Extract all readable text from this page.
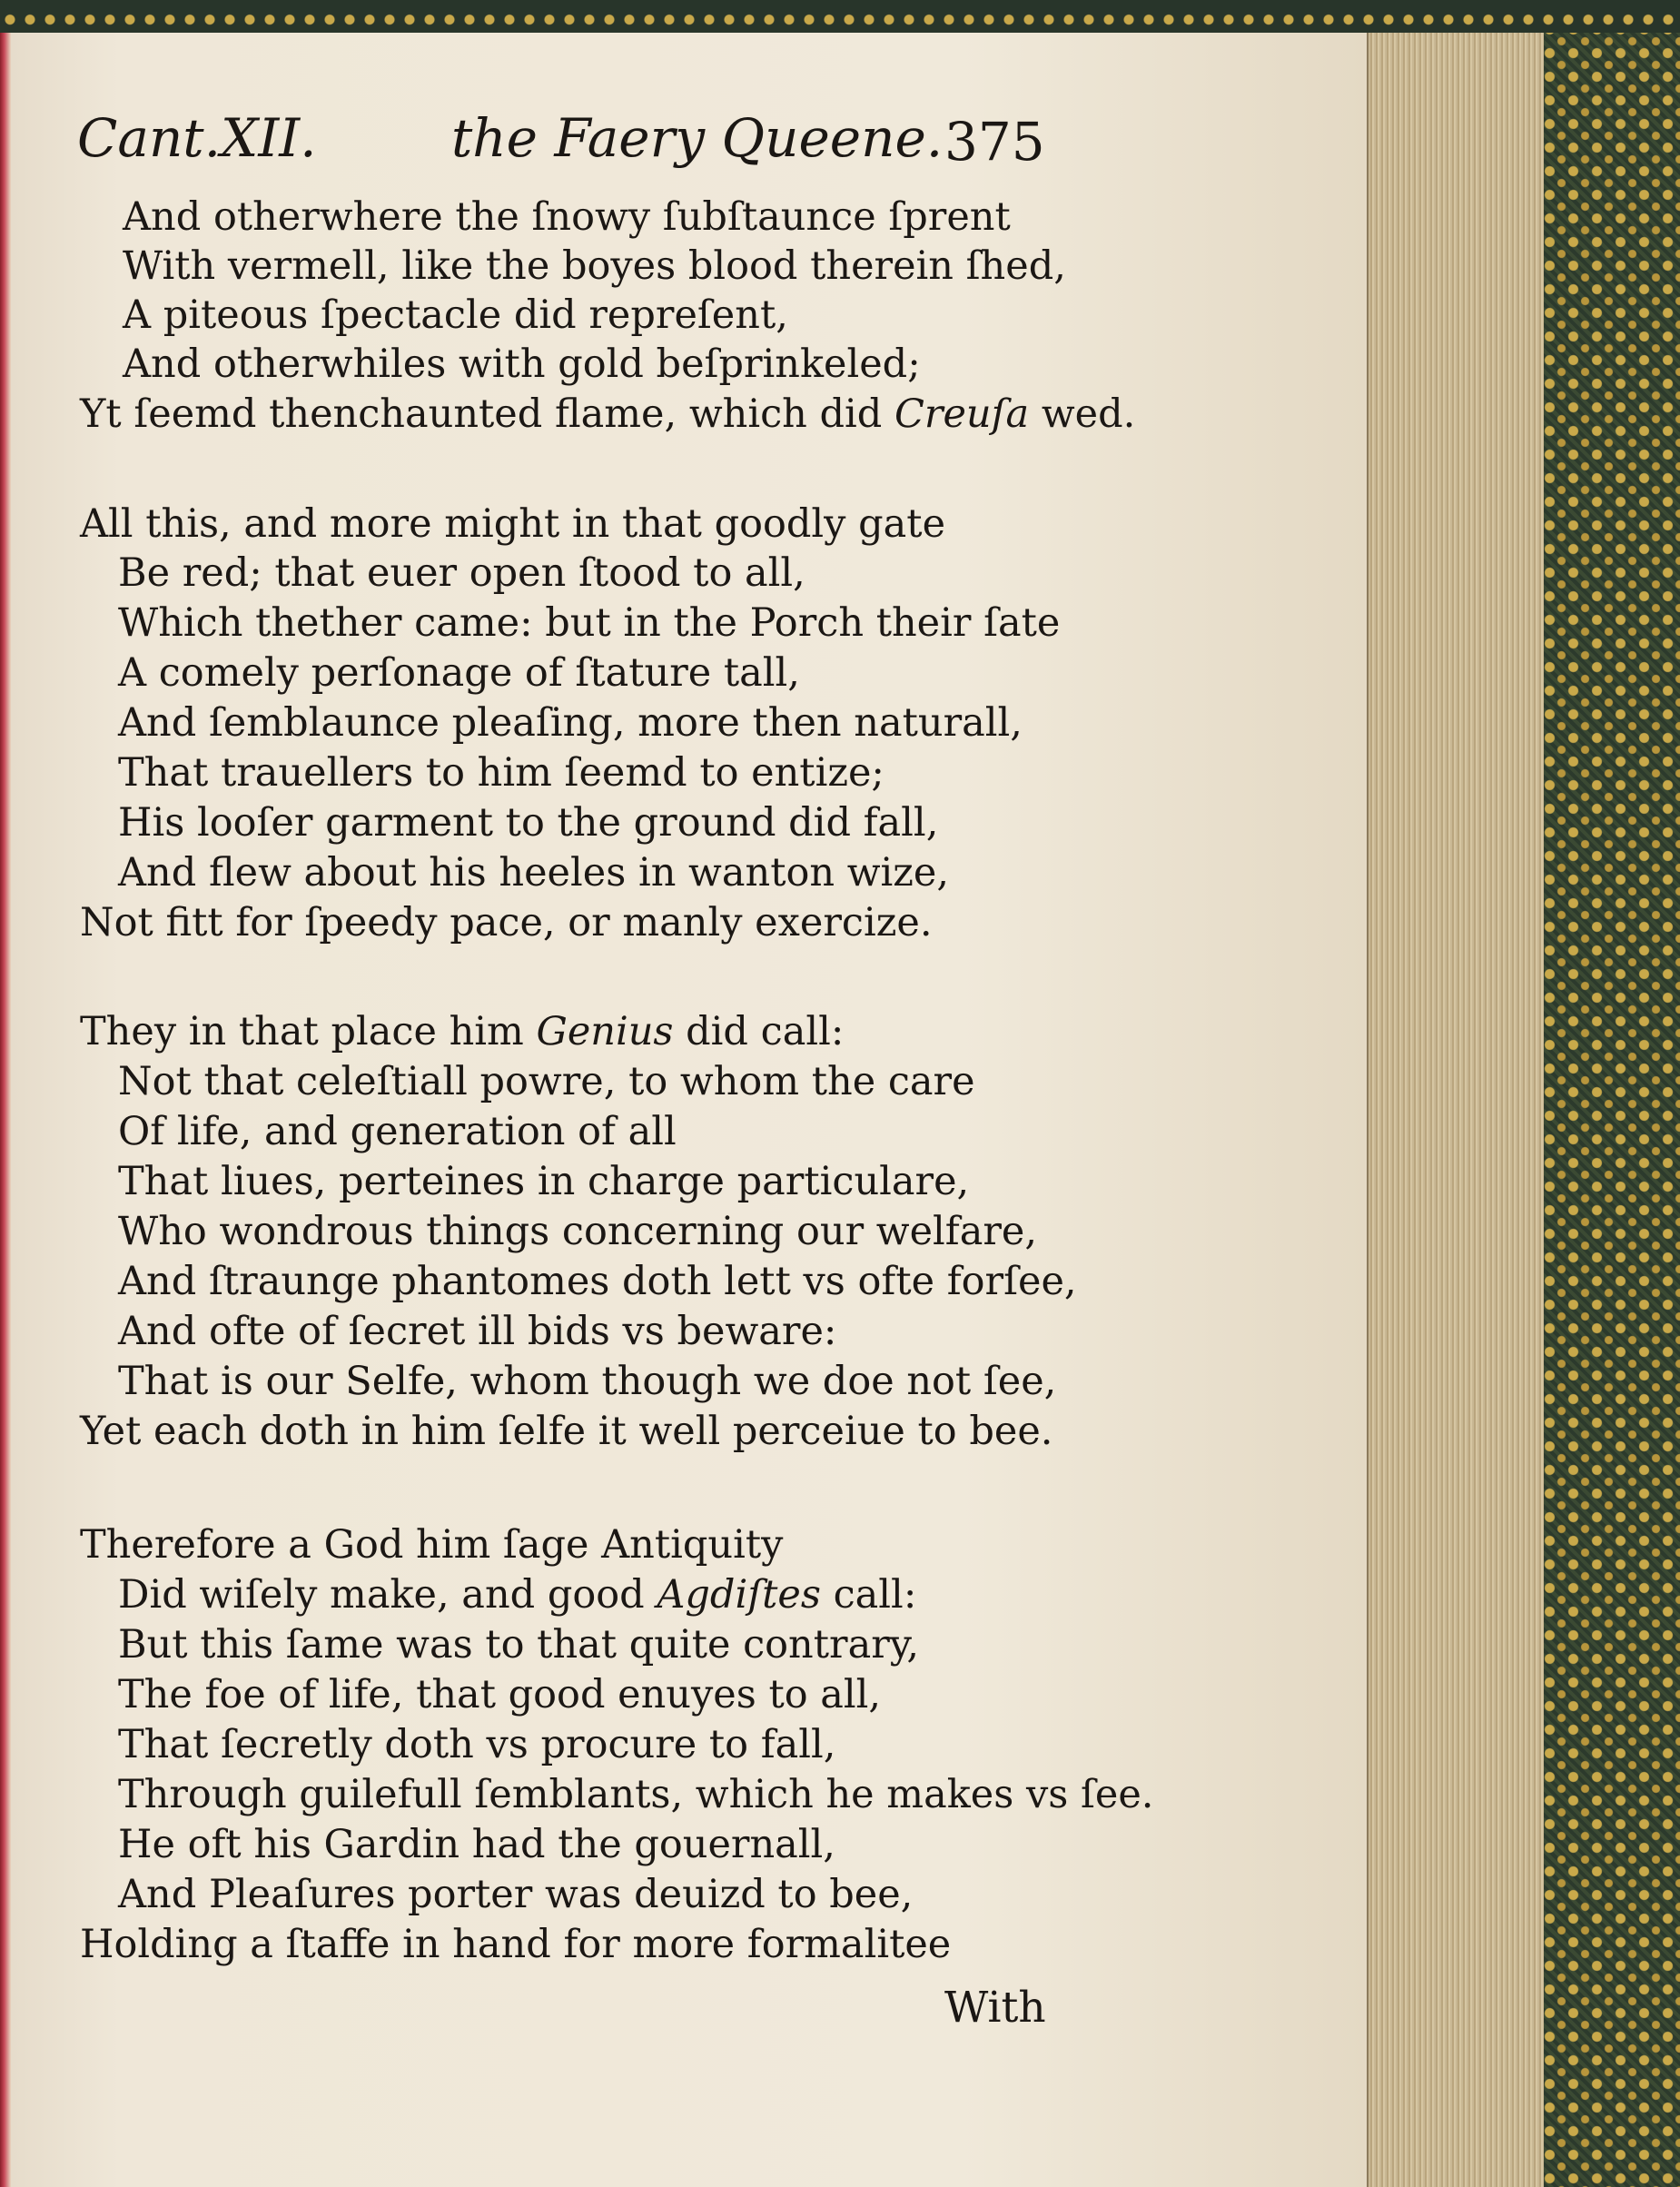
Cant.XII.	the Faery Queene. 375
And otherwhere the ſnowy ſubſtaunce ſprent
With vermell, like the boyes blood therein ſhed,
A piteous ſpectacle did repreſent,
And otherwhiles with gold beſprinkeled;
Yt ſeemd thenchaunted flame, which did Creuſa wed.
All this, and more might in that goodly gate
Be red; that euer open ſtood to all,
Which thether came: but in the Porch their ſate
A comely perſonage of ſtature tall,
And ſemblaunce pleaſing, more then naturall,
That trauellers to him ſeemd to entize;
His looſer garment to the ground did fall,
And flew about his heeles in wanton wize,
Not fitt for ſpeedy pace, or manly exercize.
They in that place him Genius did call:
Not that celeſtiall powre, to whom the care
Of life, and generation of all
That liues, perteines in charge particulare,
Who wondrous things concerning our welfare,
And ſtraunge phantomes doth lett vs ofte forſee,
And ofte of ſecret ill bids vs beware:
That is our Selfe, whom though we doe not ſee,
Yet each doth in him ſelfe it well perceiue to bee.
Therefore a God him ſage Antiquity
Did wiſely make, and good Agdiſtes call:
But this ſame was to that quite contrary,
The foe of life, that good enuyes to all,
That ſecretly doth vs procure to fall,
Through guilefull ſemblants, which he makes vs ſee.
He oft his Gardin had the gouernall,
And Pleaſures porter was deuizd to bee,
Holding a ſtaffe in hand for more formalitee
With
